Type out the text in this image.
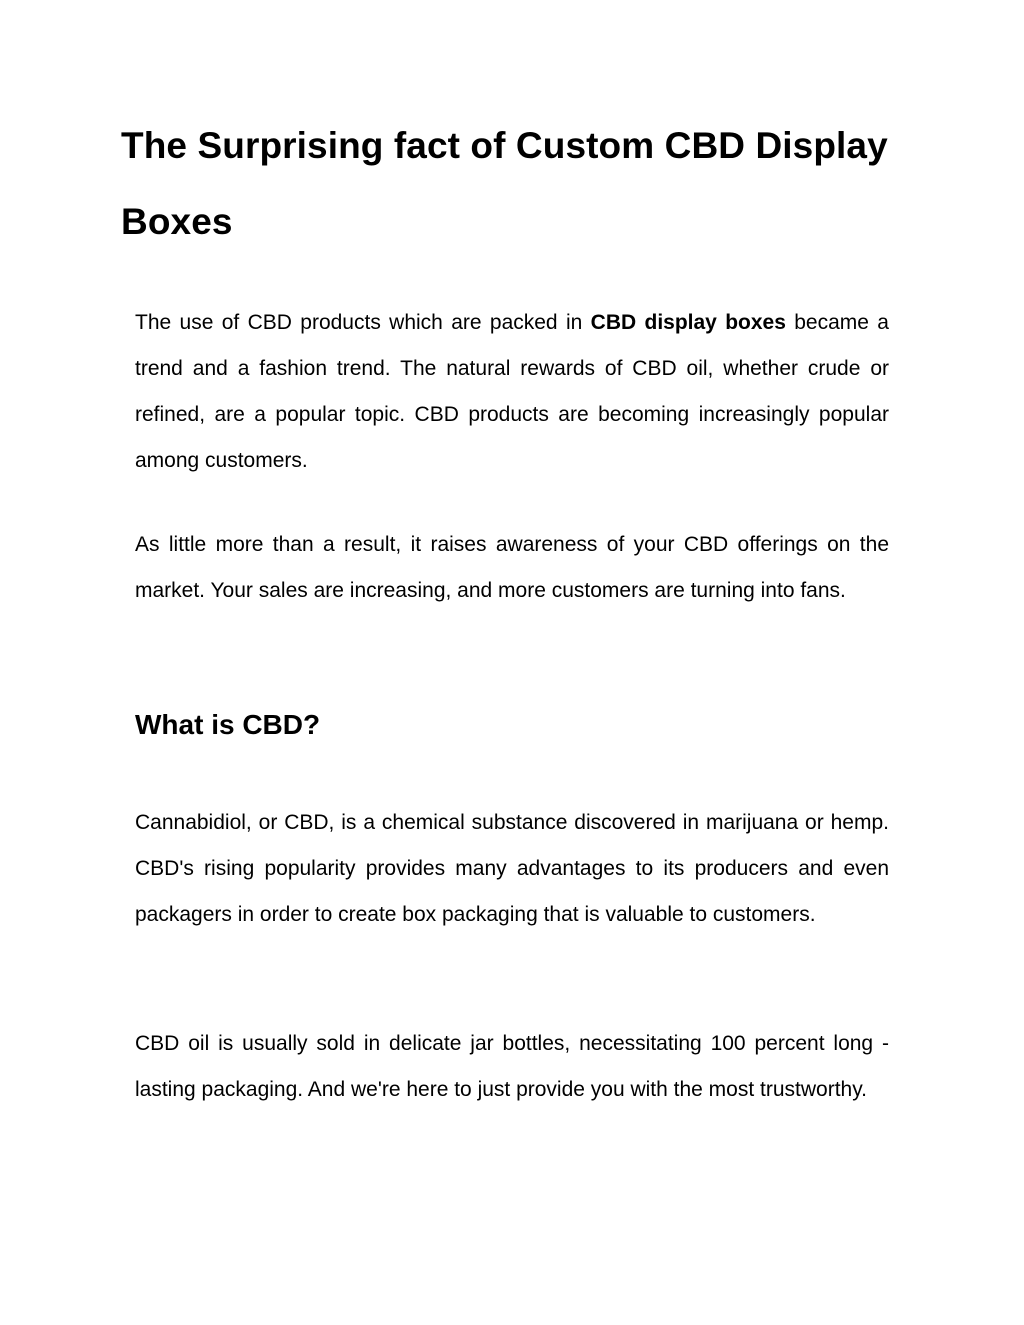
The Surprising fact of Custom CBD Display Boxes

The use of CBD products which are packed in CBD display boxes became a trend and a fashion trend. The natural rewards of CBD oil, whether crude or refined, are a popular topic. CBD products are becoming increasingly popular among customers.

As little more than a result, it raises awareness of your CBD offerings on the market. Your sales are increasing, and more customers are turning into fans.

What is CBD?

Cannabidiol, or CBD, is a chemical substance discovered in marijuana or hemp. CBD's rising popularity provides many advantages to its producers and even packagers in order to create box packaging that is valuable to customers.

CBD oil is usually sold in delicate jar bottles, necessitating 100 percent long - lasting packaging. And we're here to just provide you with the most trustworthy.
